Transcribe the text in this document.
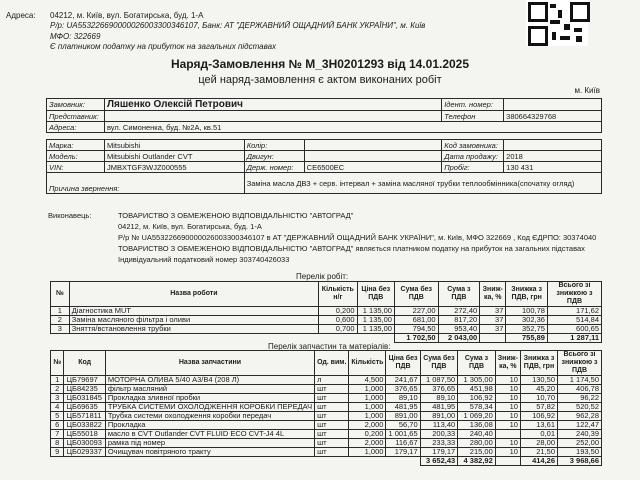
Адреса: 04212, м. Київ, вул. Богатирська, буд. 1-А
Р/р: UA553226690000026003300346107, Банк: АТ "ДЕРЖАВНИЙ ОЩАДНИЙ БАНК УКРАЇНИ", м. Київ
МФО: 322669
Є платником податку на прибуток на загальних підставах
Наряд-Замовлення № М_3Н0201293 від 14.01.2025
цей наряд-замовлення є актом виконаних робіт
м. Київ
Замовник:	Ляшенко Олексій Петрович			Ідент. номер:	
Представник:				Телефон	380664329768
Адреса:	вул. Симоненка, буд. №2А, кв.51				

Марка:	Mitsubishi	Колір:		Код замовника:	
Модель:	Mitsubishi Outlander CVT	Двигун:		Дата продажу:	2018
VIN:	JMBXTGF3WJZ000555	Держ. номер:	CE6500EC	Пробіг:	130 431
Причина звернення:		Заміна масла ДВЗ + серв. інтервал + заміна масляної трубки теплообмінника(спочатку огляд)			
Виконавець:	ТОВАРИСТВО З ОБМЕЖЕНОЮ ВІДПОВІДАЛЬНІСТЮ "АВТОГРАД"
04212, м. Київ, вул. Богатирська, буд. 1-А
Р/р № UA553226690000026003300346107 в АТ "ДЕРЖАВНИЙ ОЩАДНИЙ БАНК УКРАЇНИ", м. Київ, МФО 322669 , Код ЄДРПО: 30374040
ТОВАРИСТВО З ОБМЕЖЕНОЮ ВІДПОВІДАЛЬНІСТЮ "АВТОГРАД" являється платником податку на прибуток на загальних підставах
Індивідуальний податковий номер 303740426033
Перелік робіт:
№	Назва роботи	Кількість н/г	Ціна без ПДВ	Сума без ПДВ	Сума з ПДВ	Зниж-ка, %	Знижка з ПДВ, грн	Всього зі знижкою з ПДВ
1	Діагностика MUT	0,200	1 135,00	227,00	272,40	37	100,78	171,62
2	Заміна масляного фільтра і оливи	0,600	1 135,00	681,00	817,20	37	302,36	514,84
3	Зняття/встановлення трубки	0,700	1 135,00	794,50	953,40	37	352,75	600,65
				1 702,50	2 043,00		755,89	1 287,11
Перелік запчастин та матеріалів:
№	Код	Назва запчастини	Од. вим.	Кількість	Ціна без ПДВ	Сума без ПДВ	Сума з ПДВ	Зниж-ка, %	Знижка з ПДВ, грн	Всього зі знижкою з ПДВ
1	ЦБ79697	МОТОРНА ОЛИВА 5/40 А3/В4 (208 Л)	л	4,500	241,67	1 087,50	1 305,00	10	130,50	1 174,50
2	ЦБ84235	фільтр масляний	шт	1,000	376,65	376,65	451,98	10	45,20	406,78
3	ЦБ031845	Прокладка зливної пробки	шт	1,000	89,10	89,10	106,92	10	10,70	96,22
4	ЦБ69635	ТРУБКА СИСТЕМИ ОХОЛОДЖЕННЯ КОРОБКИ ПЕРЕДАЧ	шт	1,000	481,95	481,95	578,34	10	57,82	520,52
5	ЦБ571811	Трубка системи охолодження коробки передач	шт	1,000	891,00	891,00	1 069,20	10	106,92	962,28
6	ЦБ033822	Прокладка	шт	2,000	56,70	113,40	136,08	10	13,61	122,47
7	ЦБ55018	масло в CVT Outlander CVT FLUID ECO CVT-J4 4L	шт	0,200	1 001,65	200,33	240,40		0,01	240,39
8	ЦБ030093	рамка під номер	шт	2,000	116,67	233,33	280,00	10	28,00	252,00
9	ЦБ029337	Очищувач повітряного тракту	шт	1,000	179,17	179,17	215,00	10	21,50	193,50
						3 652,43	4 382,92		414,26	3 968,66
